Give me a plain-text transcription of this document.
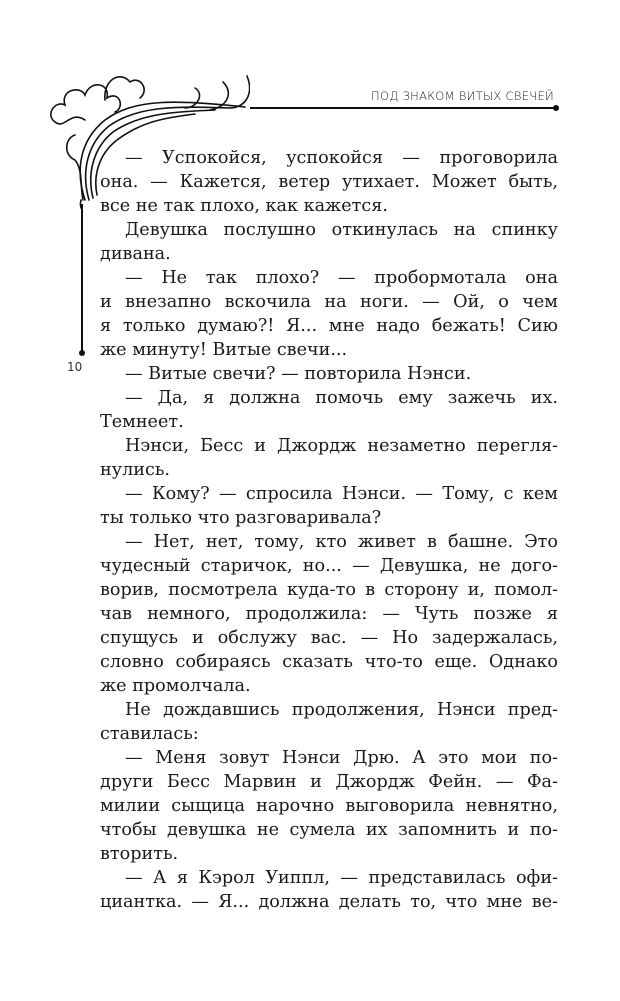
ПОД ЗНАКОМ ВИТЫХ СВЕЧЕЙ
10
— Успокойся, успокойся — проговорила
она. — Кажется, ветер утихает. Может быть,
все не так плохо, как кажется.
Девушка послушно откинулась на спинку
дивана.
— Не так плохо? — пробормотала она
и внезапно вскочила на ноги. — Ой, о чем
я только думаю?! Я... мне надо бежать! Сию
же минуту! Витые свечи...
— Витые свечи? — повторила Нэнси.
— Да, я должна помочь ему зажечь их.
Темнеет.
Нэнси, Бесс и Джордж незаметно перегля-
нулись.
— Кому? — спросила Нэнси. — Тому, с кем
ты только что разговаривала?
— Нет, нет, тому, кто живет в башне. Это
чудесный старичок, но... — Девушка, не дого-
ворив, посмотрела куда-то в сторону и, помол-
чав немного, продолжила: — Чуть позже я
спущусь и обслужу вас. — Но задержалась,
словно собираясь сказать что-то еще. Однако
же промолчала.
Не дождавшись продолжения, Нэнси пред-
ставилась:
— Меня зовут Нэнси Дрю. А это мои по-
други Бесс Марвин и Джордж Фейн. — Фа-
милии сыщица нарочно выговорила невнятно,
чтобы девушка не сумела их запомнить и по-
вторить.
— А я Кэрол Уиппл, — представилась офи-
циантка. — Я... должна делать то, что мне ве-
